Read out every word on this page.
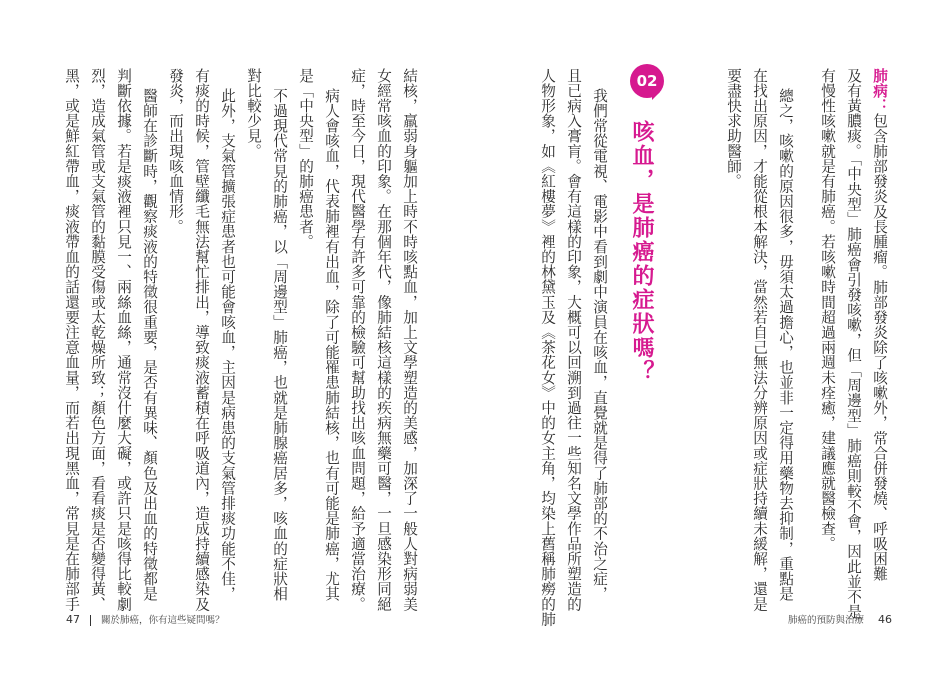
肺病：包含肺部發炎及長腫瘤。肺部發炎除了咳嗽外，常合併發燒、呼吸困難
及有黃膿痰。「中央型」肺癌會引發咳嗽，但「周邊型」肺癌則較不會，因此並不是
有慢性咳嗽就是有肺癌。若咳嗽時間超過兩週未痊癒，建議應就醫檢查。
總之，咳嗽的原因很多，毋須太過擔心，也並非一定得用藥物去抑制，重點是
在找出原因，才能從根本解決，當然若自己無法分辨原因或症狀持續未緩解，還是
要盡快求助醫師。
02
咳血，是肺癌的症狀嗎？
我們常從電視、電影中看到劇中演員在咳血，直覺就是得了肺部的不治之症，
且已病入膏肓。會有這樣的印象，大概可以回溯到過往一些知名文學作品所塑造的
人物形象，如《紅樓夢》裡的林黛玉及《茶花女》中的女主角，均染上舊稱肺癆的肺
結核，羸弱身軀加上時不時咳點血，加上文學塑造的美感，加深了一般人對病弱美
女經常咳血的印象。在那個年代，像肺結核這樣的疾病無藥可醫，一旦感染形同絕
症，時至今日，現代醫學有許多可靠的檢驗可幫助找出咳血問題，給予適當治療。
病人會咳血，代表肺裡有出血，除了可能罹患肺結核，也有可能是肺癌，尤其
是「中央型」的肺癌患者。
不過現代常見的肺癌，以「周邊型」肺癌，也就是肺腺癌居多，咳血的症狀相
對比較少見。
此外，支氣管擴張症患者也可能會咳血，主因是病患的支氣管排痰功能不佳，
有痰的時候，管壁纖毛無法幫忙排出，導致痰液蓄積在呼吸道內，造成持續感染及
發炎，而出現咳血情形。
醫師在診斷時，觀察痰液的特徵很重要，是否有異味、顏色及出血的特徵都是
判斷依據。若是痰液裡只見一、兩絲血絲，通常沒什麼大礙，或許只是咳得比較劇
烈，造成氣管或支氣管的黏膜受傷或太乾燥所致；顏色方面，看看痰是否變得黃、
黑，或是鮮紅帶血，痰液帶血的話還要注意血量，而若出現黑血，常見是在肺部手
47 關於肺癌，你有這些疑問嗎？	肺癌的預防與治療 46
